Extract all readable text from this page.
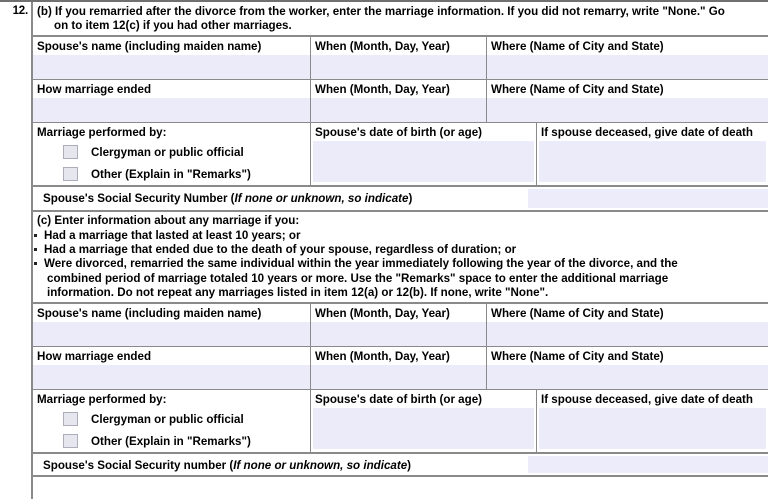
12. (b) If you remarried after the divorce from the worker, enter the marriage information. If you did not remarry, write "None." Go
on to item 12(c) if you had other marriages.
Spouse's name (including maiden name)	When (Month, Day, Year)	Where (Name of City and State)
How marriage ended	When (Month, Day, Year)	Where (Name of City and State)
Marriage performed by:
Clergyman or public official
Other (Explain in "Remarks")
Spouse's date of birth (or age)	If spouse deceased, give date of death
Spouse's Social Security Number (If none or unknown, so indicate)
(c) Enter information about any marriage if you:
Had a marriage that lasted at least 10 years; or
Had a marriage that ended due to the death of your spouse, regardless of duration; or
Were divorced, remarried the same individual within the year immediately following the year of the divorce, and the
combined period of marriage totaled 10 years or more. Use the "Remarks" space to enter the additional marriage
information. Do not repeat any marriages listed in item 12(a) or 12(b). If none, write "None".
Spouse's name (including maiden name)	When (Month, Day, Year)	Where (Name of City and State)
How marriage ended	When (Month, Day, Year)	Where (Name of City and State)
Marriage performed by:
Clergyman or public official
Other (Explain in "Remarks")
Spouse's date of birth (or age)	If spouse deceased, give date of death
Spouse's Social Security number (If none or unknown, so indicate)
